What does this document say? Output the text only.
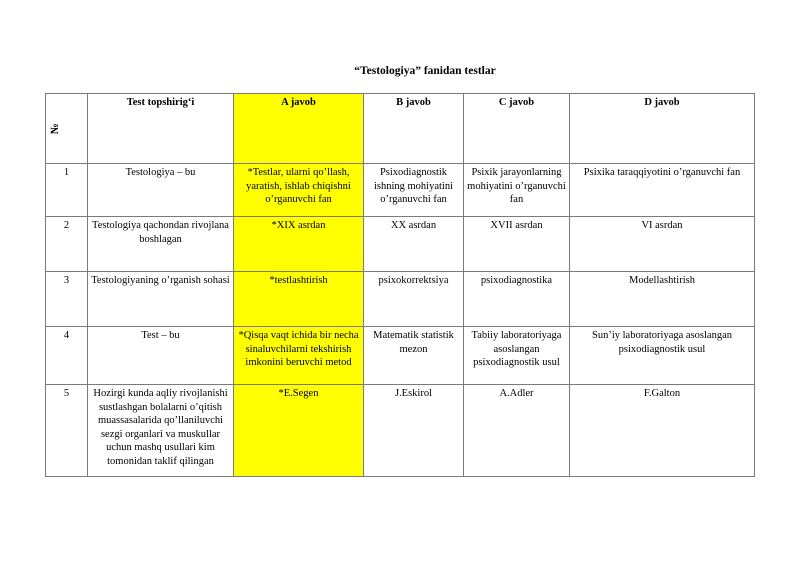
“Testologiya” fanidan testlar
№	Test topshirig‘i	A javob	B javob	C javob	D javob
1	Testologiya – bu	*Testlar, ularni qo’llash, yaratish, ishlab chiqishni o’rganuvchi fan	Psixodiagnostik ishning mohiyatini o’rganuvchi fan	Psixik jarayonlarning mohiyatini o’rganuvchi fan	Psixika taraqqiyotini o’rganuvchi fan
2	Testologiya qachondan rivojlana boshlagan	*XIX asrdan	XX asrdan	XVII asrdan	VI asrdan
3	Testologiyaning o’rganish sohasi	*testlashtirish	psixokorrektsiya	psixodiagnostika	Modellashtirish
4	Test – bu	*Qisqa vaqt ichida bir necha sinaluvchilarni tekshirish imkonini beruvchi metod	Matematik statistik mezon	Tabiiy laboratoriyaga asoslangan psixodiagnostik usul	Sun’iy laboratoriyaga asoslangan psixodiagnostik usul
5	Hozirgi kunda aqliy rivojlanishi sustlashgan bolalarni o’qitish muassasalarida qo’llaniluvchi sezgi organlari va muskullar uchun mashq usullari kim tomonidan taklif qilingan	*E.Segen	J.Eskirol	A.Adler	F.Galton
